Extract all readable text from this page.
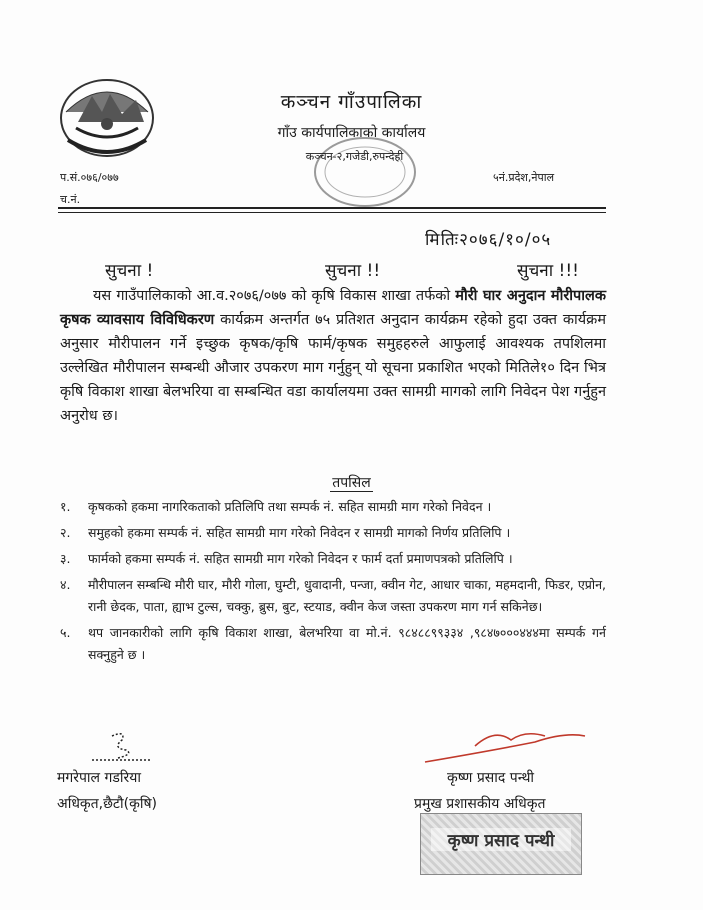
कञ्चन गाँउपालिका
गाँउ कार्यपालिकाको कार्यालय
कञ्चन-२,गजेडी,रुपन्देही
प.सं.०७६/०७७
च.नं.
५नं.प्रदेश,नेपाल
मितिः२०७६/१०/०५
सुचना !	सुचना !!	सुचना !!!
यस गाउँपालिकाको आ.व.२०७६/०७७ को कृषि विकास शाखा तर्फको मौरी घार अनुदान मौरीपालक कृषक व्यावसाय विविधिकरण कार्यक्रम अन्तर्गत ७५ प्रतिशत अनुदान कार्यक्रम रहेको हुदा उक्त कार्यक्रम अनुसार मौरीपालन गर्ने इच्छुक कृषक/कृषि फार्म/कृषक समुहहरुले आफुलाई आवश्यक तपशिलमा उल्लेखित मौरीपालन सम्बन्धी औजार उपकरण माग गर्नुहुन् यो सूचना प्रकाशित भएको मितिले१० दिन भित्र कृषि विकाश शाखा बेलभरिया वा सम्बन्धित वडा कार्यालयमा उक्त सामग्री मागको लागि निवेदन पेश गर्नुहुन अनुरोध छ।
तपसिल
१.	कृषकको हकमा नागरिकताको प्रतिलिपि तथा सम्पर्क नं. सहित सामग्री माग गरेको निवेदन ।
२.	समुहको हकमा सम्पर्क नं. सहित सामग्री माग गरेको निवेदन र सामग्री मागको निर्णय प्रतिलिपि ।
३.	फार्मको हकमा सम्पर्क नं. सहित सामग्री माग गरेको निवेदन र फार्म दर्ता प्रमाणपत्रको प्रतिलिपि ।
४.	मौरीपालन सम्बन्धि मौरी घार, मौरी गोला, घुम्टी, धुवादानी, पन्जा, क्वीन गेट, आधार चाका, महमदानी, फिडर, एप्रोन, रानी छेदक, पाता, ह्याभ टुल्स, चक्कु, ब्रुस, बुट, स्टयाड, क्वीन केज जस्ता उपकरण माग गर्न सकिनेछ।
५.	थप जानकारीको लागि कृषि विकाश शाखा, बेलभरिया वा मो.नं. ९८४८८९९३३४ ,९८४७०००४४४मा सम्पर्क गर्न सक्नुहुने छ ।
मगरेपाल गडरिया
अधिकृत,छैटौ(कृषि)
कृष्ण प्रसाद पन्थी
प्रमुख प्रशासकीय अधिकृत
कृष्ण प्रसाद पन्थी
